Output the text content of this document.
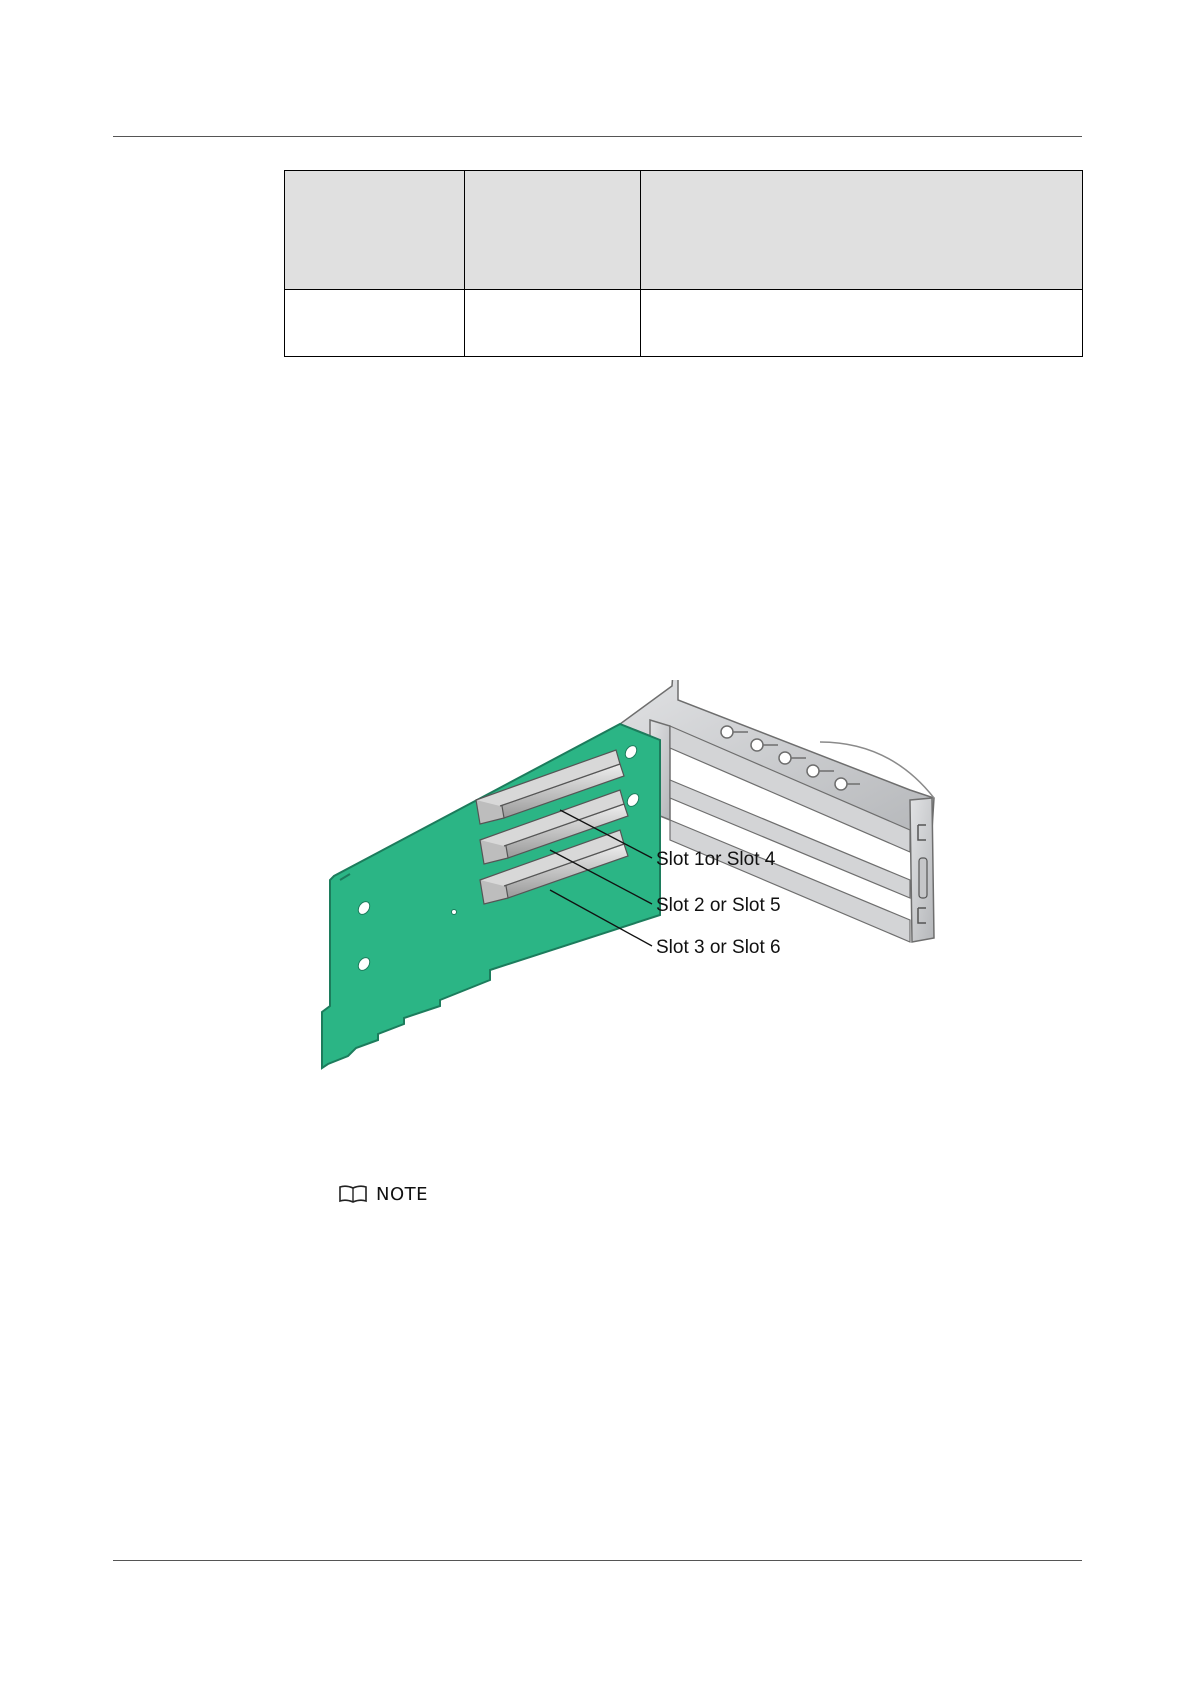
Slot 1or Slot 4
Slot 2 or Slot 5
Slot 3 or Slot 6
NOTE
